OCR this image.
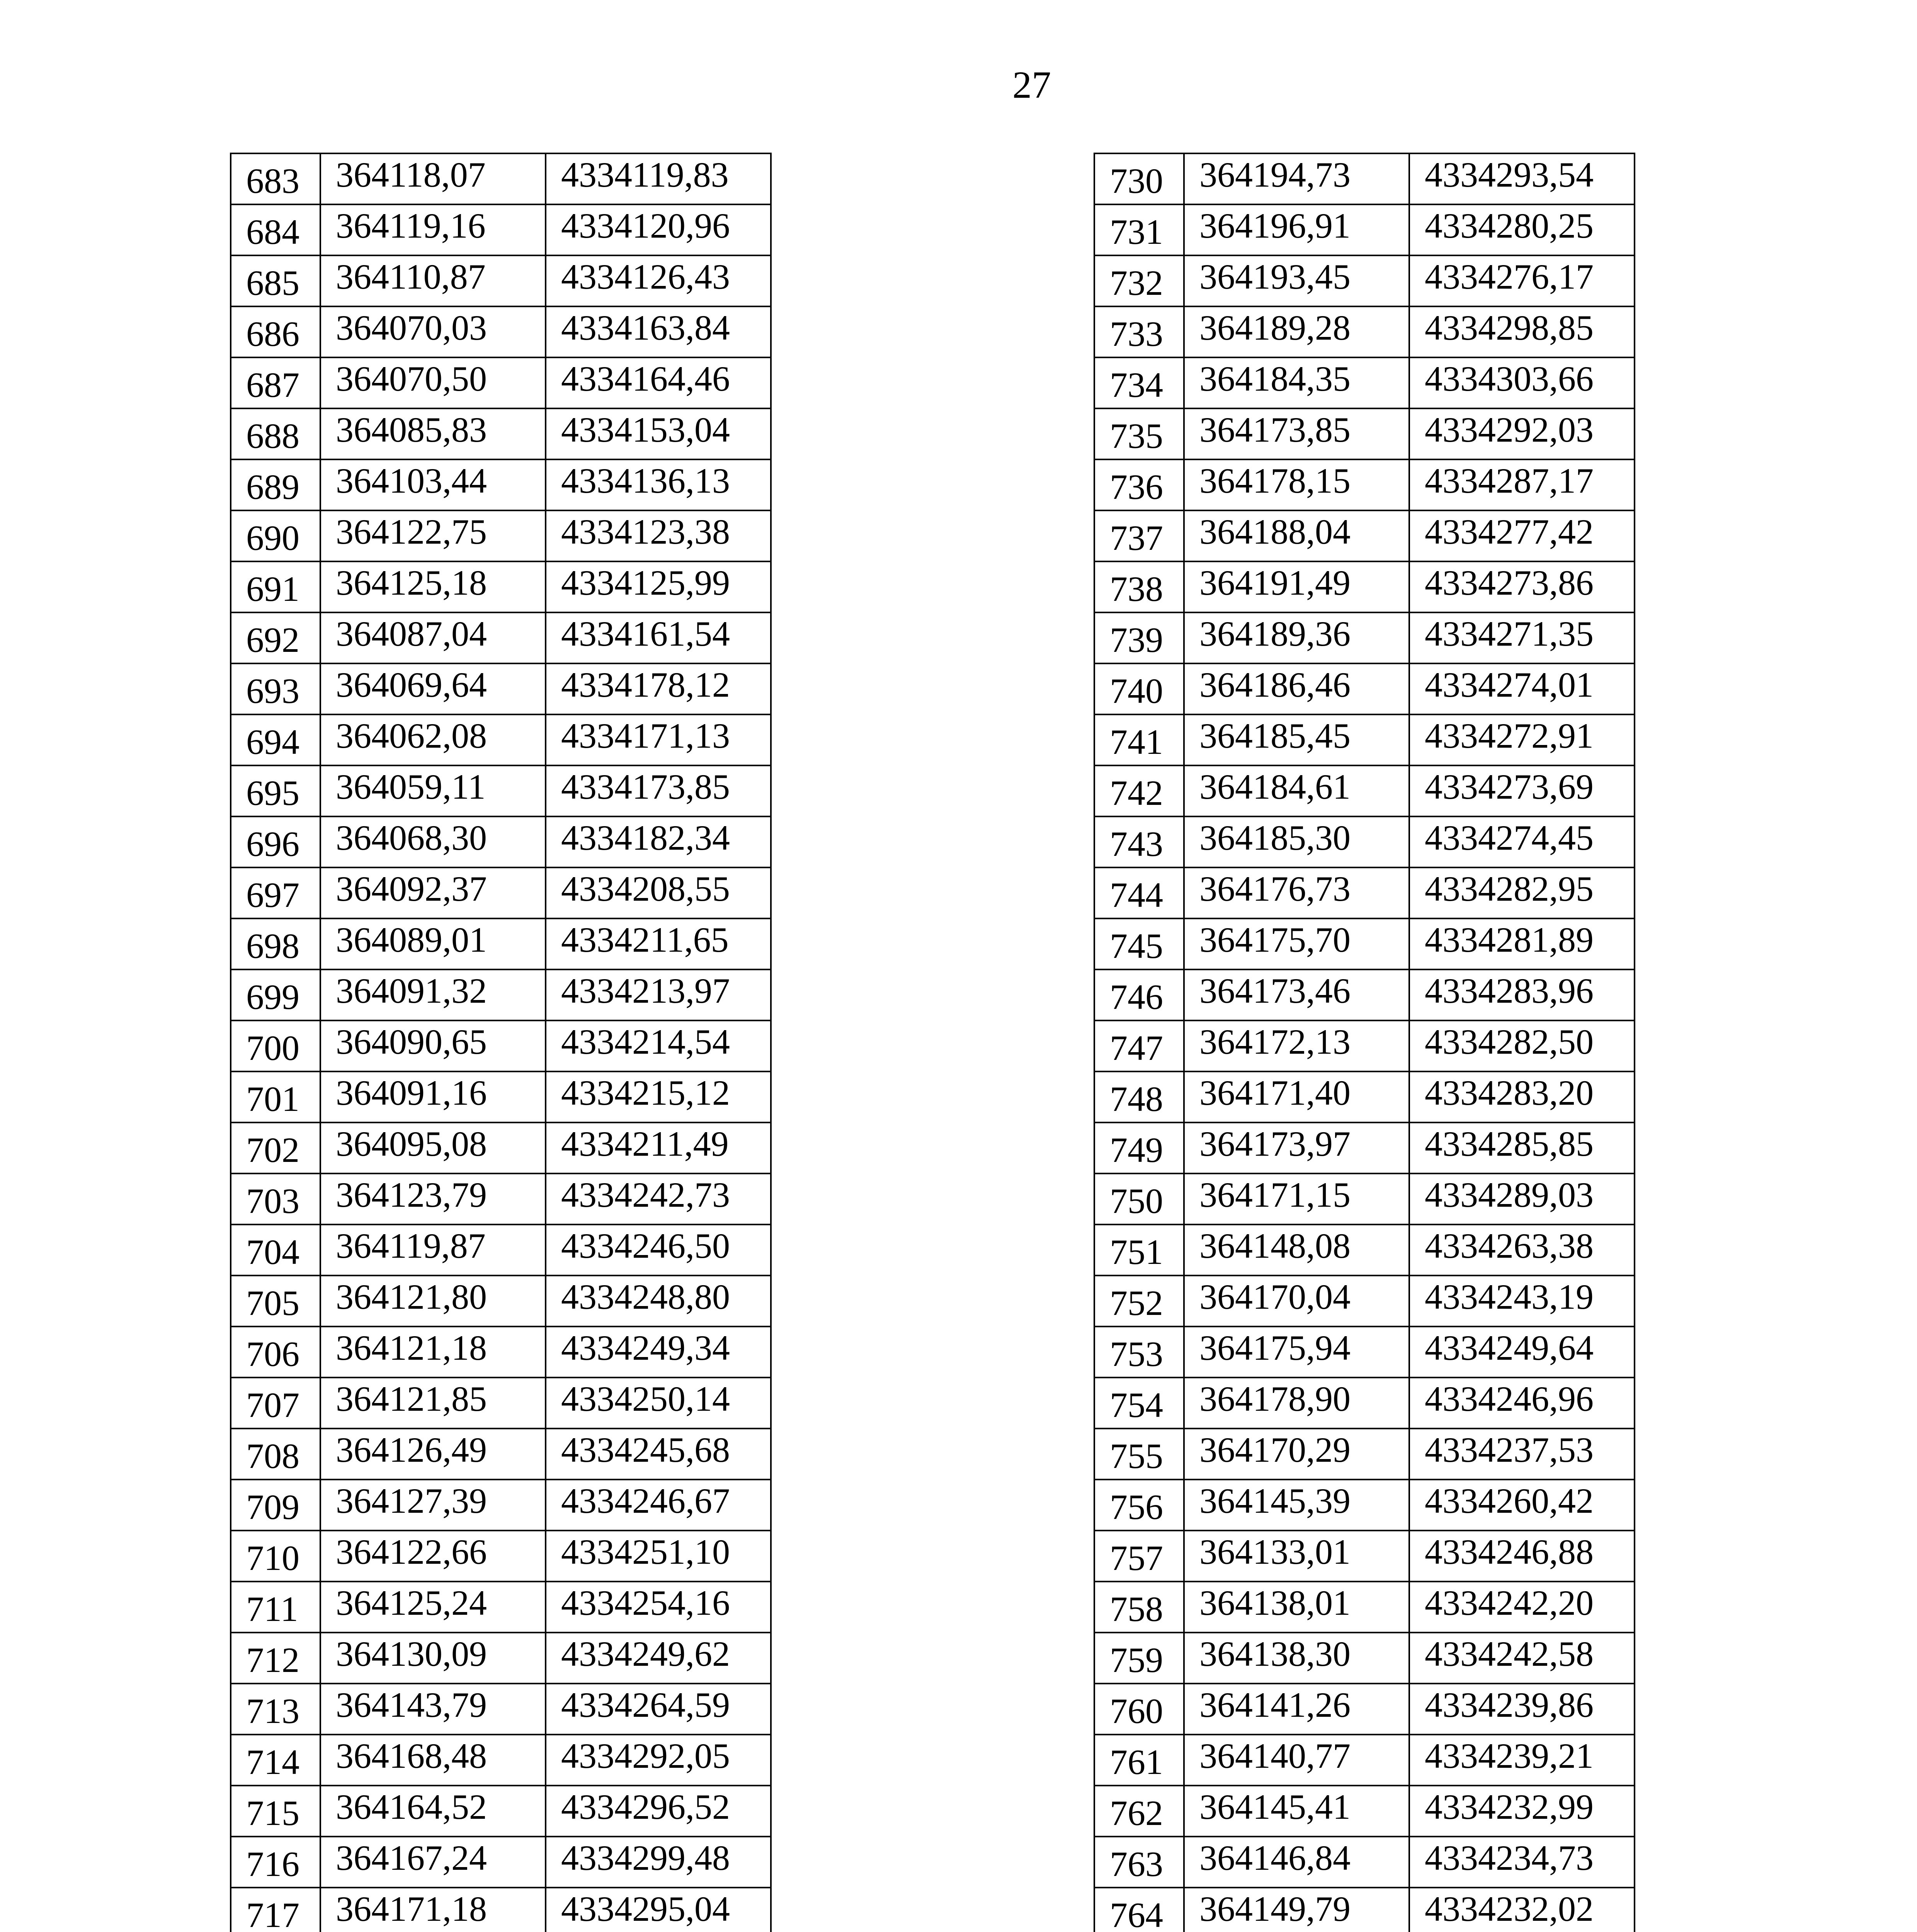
27
683	364118,07	4334119,83
684	364119,16	4334120,96
685	364110,87	4334126,43
686	364070,03	4334163,84
687	364070,50	4334164,46
688	364085,83	4334153,04
689	364103,44	4334136,13
690	364122,75	4334123,38
691	364125,18	4334125,99
692	364087,04	4334161,54
693	364069,64	4334178,12
694	364062,08	4334171,13
695	364059,11	4334173,85
696	364068,30	4334182,34
697	364092,37	4334208,55
698	364089,01	4334211,65
699	364091,32	4334213,97
700	364090,65	4334214,54
701	364091,16	4334215,12
702	364095,08	4334211,49
703	364123,79	4334242,73
704	364119,87	4334246,50
705	364121,80	4334248,80
706	364121,18	4334249,34
707	364121,85	4334250,14
708	364126,49	4334245,68
709	364127,39	4334246,67
710	364122,66	4334251,10
711	364125,24	4334254,16
712	364130,09	4334249,62
713	364143,79	4334264,59
714	364168,48	4334292,05
715	364164,52	4334296,52
716	364167,24	4334299,48
717	364171,18	4334295,04

730	364194,73	4334293,54
731	364196,91	4334280,25
732	364193,45	4334276,17
733	364189,28	4334298,85
734	364184,35	4334303,66
735	364173,85	4334292,03
736	364178,15	4334287,17
737	364188,04	4334277,42
738	364191,49	4334273,86
739	364189,36	4334271,35
740	364186,46	4334274,01
741	364185,45	4334272,91
742	364184,61	4334273,69
743	364185,30	4334274,45
744	364176,73	4334282,95
745	364175,70	4334281,89
746	364173,46	4334283,96
747	364172,13	4334282,50
748	364171,40	4334283,20
749	364173,97	4334285,85
750	364171,15	4334289,03
751	364148,08	4334263,38
752	364170,04	4334243,19
753	364175,94	4334249,64
754	364178,90	4334246,96
755	364170,29	4334237,53
756	364145,39	4334260,42
757	364133,01	4334246,88
758	364138,01	4334242,20
759	364138,30	4334242,58
760	364141,26	4334239,86
761	364140,77	4334239,21
762	364145,41	4334232,99
763	364146,84	4334234,73
764	364149,79	4334232,02
